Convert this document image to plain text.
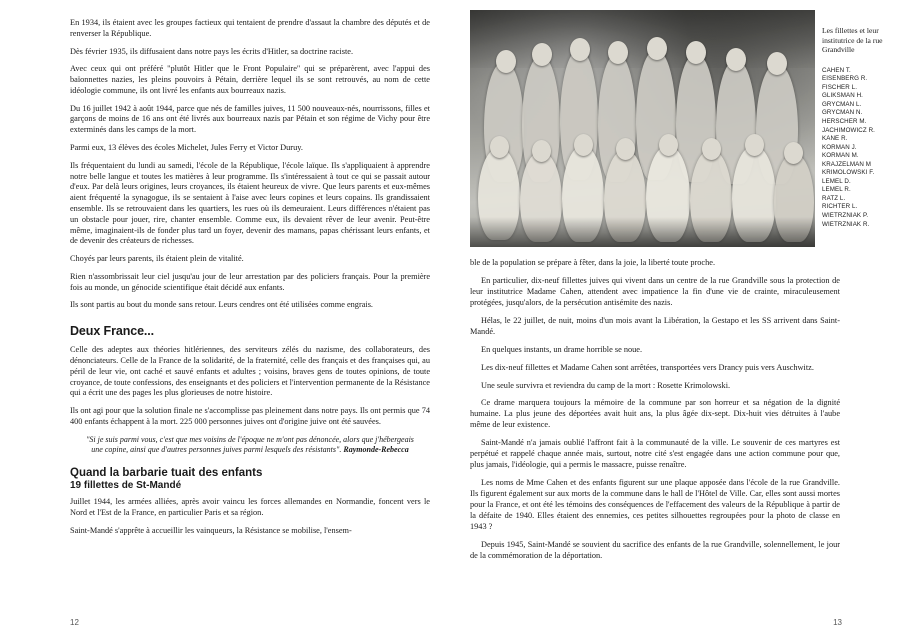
En 1934, ils étaient avec les groupes factieux qui tentaient de prendre d'assaut la chambre des députés et de renverser la République.

Dès février 1935, ils diffusaient dans notre pays les écrits d'Hitler, sa doctrine raciste.

Avec ceux qui ont préféré "plutôt Hitler que le Front Populaire" qui se préparèrent, avec l'appui des baïonnettes nazies, les pleins pouvoirs à Pétain, derrière lequel ils se sont retrouvés, au nom de cette idéologie commune, ils ont livré les enfants aux bourreaux nazis.

Du 16 juillet 1942 à août 1944, parce que nés de familles juives, 11 500 nouveaux-nés, nourrissons, filles et garçons de moins de 16 ans ont été livrés aux bourreaux nazis par Pétain et son régime de Vichy pour être exterminés dans les camps de la mort.

Parmi eux, 13 élèves des écoles Michelet, Jules Ferry et Victor Duruy.

Ils fréquentaient du lundi au samedi, l'école de la République, l'école laïque. Ils s'appliquaient à apprendre notre belle langue et toutes les matières à leur programme. Ils s'intéressaient à tout ce qui se passait autour d'eux. Par delà leurs origines, leurs croyances, ils étaient heureux de vivre. Que leurs parents et eux-mêmes aient fréquenté la synagogue, ils se sentaient à l'aise avec leurs copines et leurs copains. Ils grandissaient ensemble. Ils se retrouvaient dans les quartiers, les rues où ils demeuraient. Leurs différences n'étaient pas un obstacle pour jouer, rire, chanter ensemble. Comme eux, ils devaient rêver de leur avenir. Peut-être même, imaginaient-ils de fonder plus tard un foyer, devenir des mamans, papas chérissant leurs enfants, et de devenir des créateurs de richesses.

Choyés par leurs parents, ils étaient plein de vitalité.

Rien n'assombrissait leur ciel jusqu'au jour de leur arrestation par des policiers français. Pour la première fois au monde, un génocide scientifique était décidé aux enfants.

Ils sont partis au bout du monde sans retour. Leurs cendres ont été utilisées comme engrais.

Deux France...

Celle des adeptes aux théories hitlériennes, des serviteurs zélés du nazisme, des collaborateurs, des dénonciateurs. Celle de la France de la solidarité, de la fraternité, celle des français et des françaises qui, au péril de leur vie, ont caché et sauvé enfants et adultes ; voisins, braves gens de toutes opinions, de toute croyance, de toute confessions, des enseignants et des policiers et l'intervention permanente de la Résistance qui a écrit une des pages les plus glorieuses de notre histoire.

Ils ont agi pour que la solution finale ne s'accomplisse pas pleinement dans notre pays. Ils ont permis que 74 400 enfants échappent à la mort. 225 000 personnes juives ont d'origine juive ont été sauvées.

"Si je suis parmi vous, c'est que mes voisins de l'époque ne m'ont pas dénoncée, alors que j'hébergeais une copine, ainsi que d'autres personnes juives parmi lesquels des résistants". Raymonde-Rebecca
Quand la barbarie tuait des enfants
19 fillettes de St-Mandé

Juillet 1944, les armées alliées, après avoir vaincu les forces allemandes en Normandie, foncent vers le Nord et l'Est de la France, en particulier Paris et sa région.

Saint-Mandé s'apprête à accueillir les vainqueurs, la Résistance se mobilise, l'ensem-

Les fillettes et leur institutrice de la rue Grandville
CAHEN T.
EISENBERG R.
FISCHER L.
GLIKSMAN H.
GRYCMAN L.
GRYCMAN N.
HERSCHER M.
JACHIMOWICZ R.
KANE R.
KORMAN J.
KORMAN M.
KRAJZELMAN M
KRIMOLOWSKI F.
LEMEL D.
LEMEL R.
RATZ L.
RICHTER L.
WIETRZNIAK P.
WIETRZNIAK R.

ble de la population se prépare à fêter, dans la joie, la liberté toute proche.

En particulier, dix-neuf fillettes juives qui vivent dans un centre de la rue Grandville sous la protection de leur institutrice Madame Cahen, attendent avec impatience la fin d'une vie de crainte, miraculeusement protégées, jusqu'alors, de la persécution antisémite des nazis.

Hélas, le 22 juillet, de nuit, moins d'un mois avant la Libération, la Gestapo et les SS arrivent dans Saint-Mandé.

En quelques instants, un drame horrible se noue.

Les dix-neuf fillettes et Madame Cahen sont arrêtées, transportées vers Drancy puis vers Auschwitz.

Une seule survivra et reviendra du camp de la mort : Rosette Krimolowski.

Ce drame marquera toujours la mémoire de la commune par son horreur et sa négation de la dignité humaine. La plus jeune des déportées avait huit ans, la plus âgée dix-sept. Dix-huit vies détruites à l'aube même de leur existence.

Saint-Mandé n'a jamais oublié l'affront fait à la communauté de la ville. Le souvenir de ces martyres est perpétué et rappelé chaque année mais, surtout, notre cité s'est engagée dans une action commune pour que, plus jamais, l'idéologie, qui a permis le massacre, puisse renaître.

Les noms de Mme Cahen et des enfants figurent sur une plaque apposée dans l'école de la rue Grandville. Ils figurent également sur aux morts de la commune dans le hall de l'Hôtel de Ville. Car, elles sont aussi mortes pour la France, et ont été les témoins des conséquences de l'effacement des valeurs de la République à partir de la défaite de 1940. Elles étaient des ennemies, ces petites silhouettes regroupées pour la photo de classe en 1943 ?

Depuis 1945, Saint-Mandé se souvient du sacrifice des enfants de la rue Grandville, solennellement, le jour de la commémoration de la déportation.

12	13
